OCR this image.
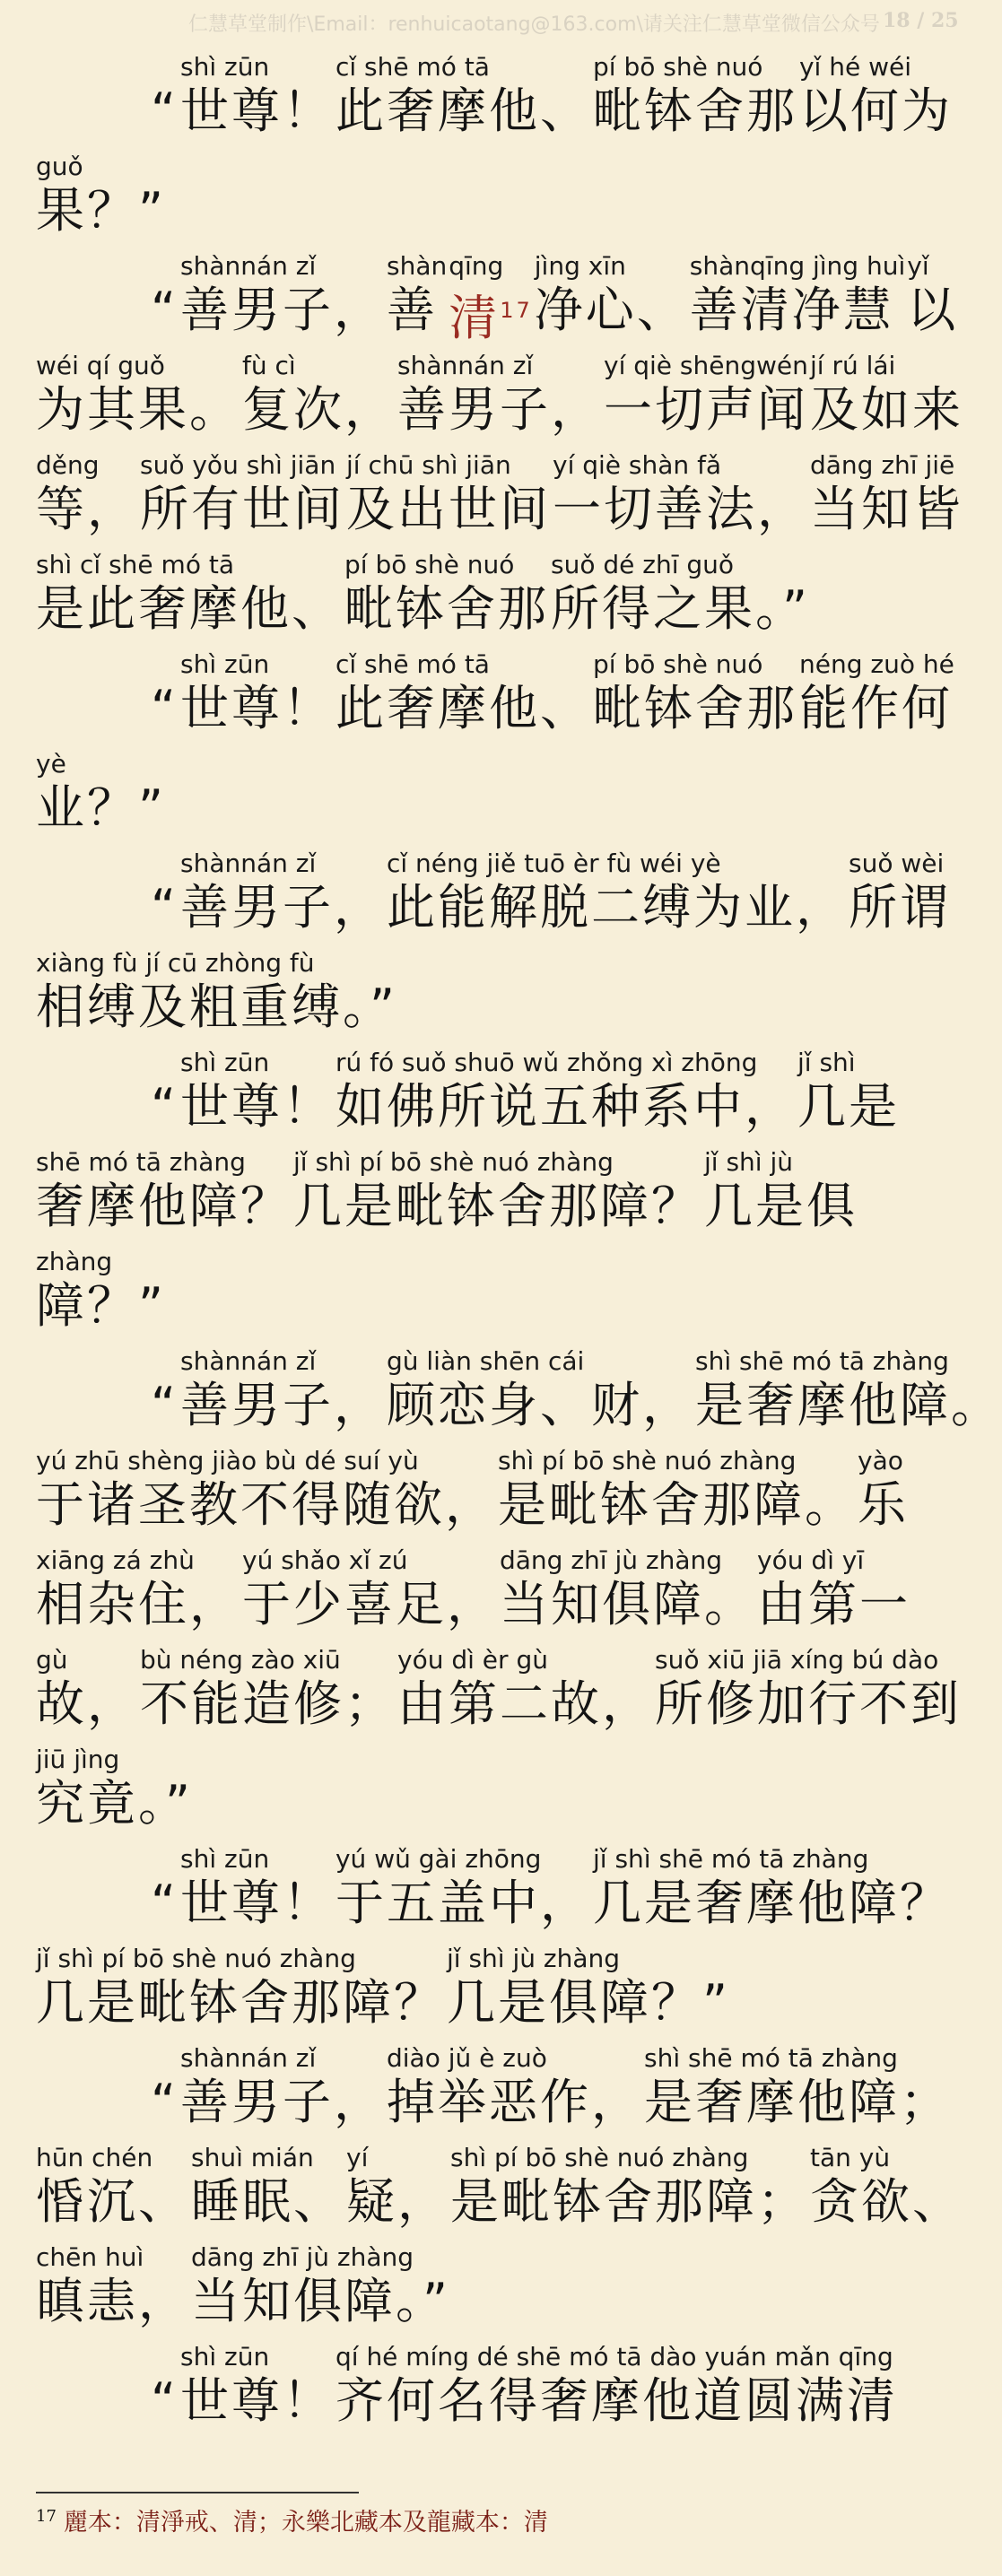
仁慧草堂制作\Email：renhuicaotang@163.com\请关注仁慧草堂微信公众号 18 / 25
“
shì zūn
世尊！
cǐ shē mó tā
此奢摩他、
pí bō shè nuó
毗钵舍那
yǐ hé wéi
以何为
guǒ
果？”
“
shànnán zǐ
善男子，
shàn
善
qīng
清$^{17}$
jìng xīn
净心、
shànqīng jìng huì
善清净慧
yǐ
以
wéi qí guǒ
为其果。
fù cì
复次，
shànnán zǐ
善男子，
yí qiè shēngwén
一切声闻
jí rú lái
及如来
děng
等，
suǒ yǒu shì jiān
所有世间
jí chū shì jiān
及出世间
yí qiè shàn fǎ
一切善法，
dāng zhī jiē
当知皆
shì cǐ shē mó tā
是此奢摩他、
pí bō shè nuó
毗钵舍那
suǒ dé zhī guǒ
所得之果。”
“
shì zūn
世尊！
cǐ shē mó tā
此奢摩他、
pí bō shè nuó
毗钵舍那
néng zuò hé
能作何
yè
业？”
“
shànnán zǐ
善男子，
cǐ néng jiě tuō èr fù wéi yè
此能解脱二缚为业，
suǒ wèi
所谓
xiàng fù jí cū zhòng fù
相缚及粗重缚。”
“
shì zūn
世尊！
rú fó suǒ shuō wǔ zhǒng xì zhōng
如佛所说五种系中，
jǐ shì
几是
shē mó tā zhàng
奢摩他障？
jǐ shì pí bō shè nuó zhàng
几是毗钵舍那障？
jǐ shì jù
几是俱
zhàng
障？”
“
shànnán zǐ
善男子，
gù liàn shēn cái
顾恋身、财，
shì shē mó tā zhàng
是奢摩他障。
yú zhū shèng jiào bù dé suí yù
于诸圣教不得随欲，
shì pí bō shè nuó zhàng
是毗钵舍那障。
yào
乐
xiāng zá zhù
相杂住，
yú shǎo xǐ zú
于少喜足，
dāng zhī jù zhàng
当知俱障。
yóu dì yī
由第一
gù
故，
bù néng zào xiū
不能造修；
yóu dì èr gù
由第二故，
suǒ xiū jiā xíng bú dào
所修加行不到
jiū jìng
究竟。”
“
shì zūn
世尊！
yú wǔ gài zhōng
于五盖中，
jǐ shì shē mó tā zhàng
几是奢摩他障？
jǐ shì pí bō shè nuó zhàng
几是毗钵舍那障？
jǐ shì jù zhàng
几是俱障？”
“
shànnán zǐ
善男子，
diào jǔ è zuò
掉举恶作，
shì shē mó tā zhàng
是奢摩他障；
hūn chén
惛沉、
shuì mián
睡眠、
yí
疑，
shì pí bō shè nuó zhàng
是毗钵舍那障；
tān yù
贪欲、
chēn huì
瞋恚，
dāng zhī jù zhàng
当知俱障。”
“
shì zūn
世尊！
qí hé míng dé shē mó tā dào yuán mǎn qīng
齐何名得奢摩他道圆满清
$^{17}$ 麗本：清淨戒、清；永樂北藏本及龍藏本：清
